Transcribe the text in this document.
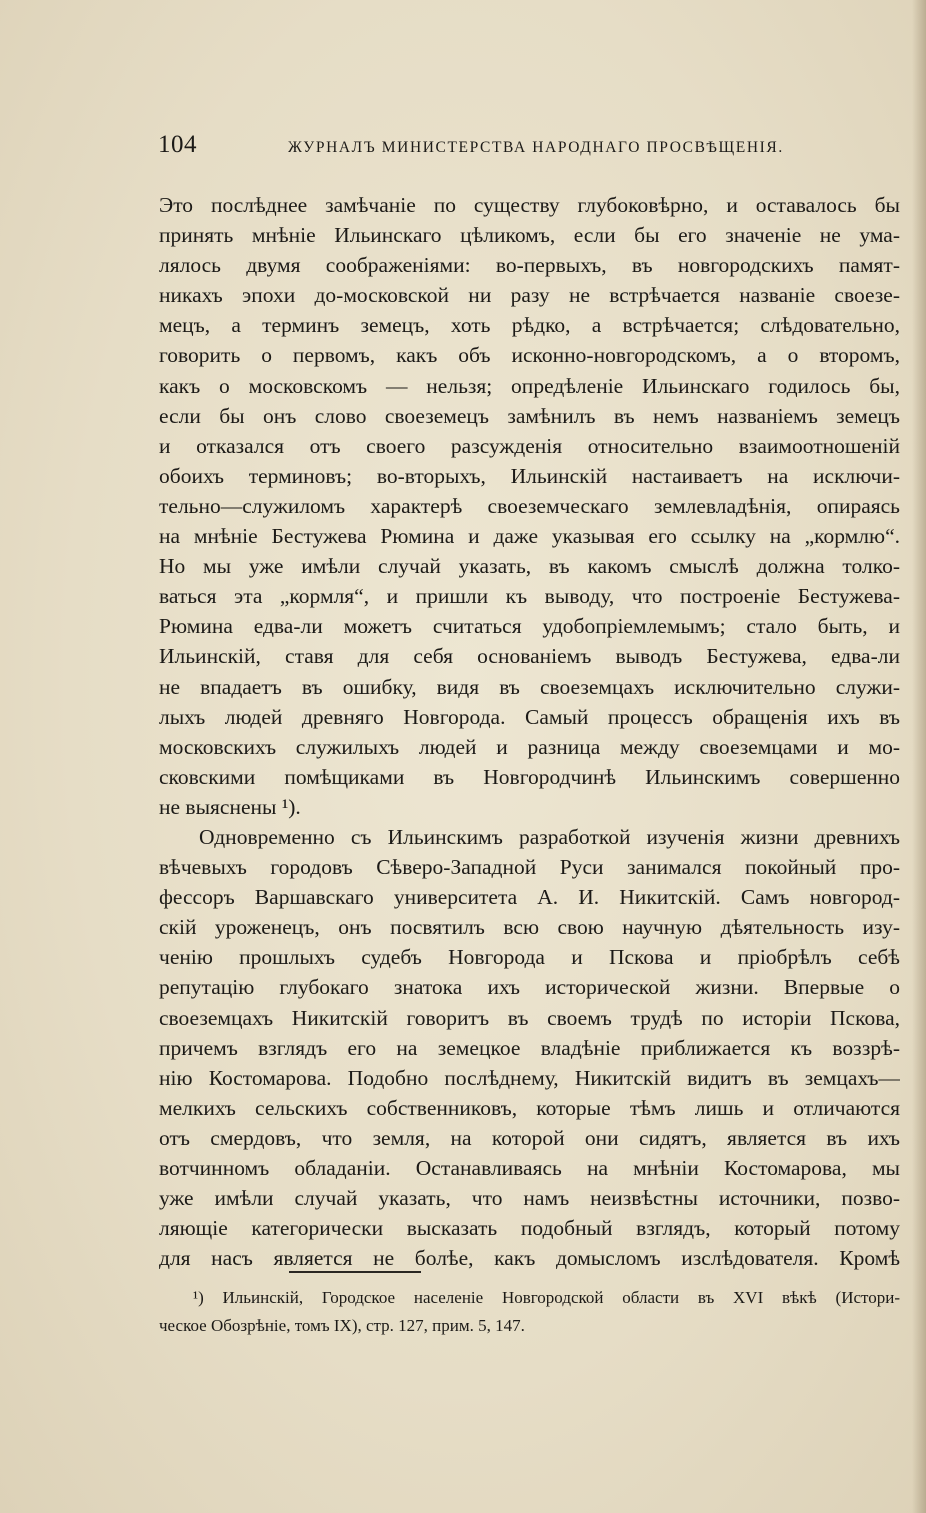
104	ЖУРНАЛЪ МИНИСТЕРСТВА НАРОДНАГО ПРОСВѢЩЕНІЯ.
Это послѣднее замѣчаніе по существу глубоковѣрно, и оставалось бы
принять мнѣніе Ильинскаго цѣликомъ, если бы его значеніе не ума-
лялось двумя соображеніями: во-первыхъ, въ новгородскихъ памят-
никахъ эпохи до-московской ни разу не встрѣчается названіе своезе-
мецъ, а терминъ земецъ, хоть рѣдко, а встрѣчается; слѣдовательно,
говорить о первомъ, какъ объ исконно-новгородскомъ, а о второмъ,
какъ о московскомъ — нельзя; опредѣленіе Ильинскаго годилось бы,
если бы онъ слово своеземецъ замѣнилъ въ немъ названіемъ земецъ
и отказался отъ своего разсужденія относительно взаимоотношеній
обоихъ терминовъ; во-вторыхъ, Ильинскій настаиваетъ на исключи-
тельно—служиломъ характерѣ своеземческаго землевладѣнія, опираясь
на мнѣніе Бестужева Рюмина и даже указывая его ссылку на „кормлю“.
Но мы уже имѣли случай указать, въ какомъ смыслѣ должна толко-
ваться эта „кормля“, и пришли къ выводу, что построеніе Бестужева-
Рюмина едва-ли можетъ считаться удобопріемлемымъ; стало быть, и
Ильинскій, ставя для себя основаніемъ выводъ Бестужева, едва-ли
не впадаетъ въ ошибку, видя въ своеземцахъ исключительно служи-
лыхъ людей древняго Новгорода. Самый процессъ обращенія ихъ въ
московскихъ служилыхъ людей и разница между своеземцами и мо-
сковскими помѣщиками въ Новгородчинѣ Ильинскимъ совершенно
не выяснены ¹).
Одновременно съ Ильинскимъ разработкой изученія жизни древнихъ
вѣчевыхъ городовъ Сѣверо-Западной Руси занимался покойный про-
фессоръ Варшавскаго университета А. И. Никитскій. Самъ новгород-
скій уроженецъ, онъ посвятилъ всю свою научную дѣятельность изу-
ченію прошлыхъ судебъ Новгорода и Пскова и пріобрѣлъ себѣ
репутацію глубокаго знатока ихъ исторической жизни. Впервые о
своеземцахъ Никитскій говоритъ въ своемъ трудѣ по исторіи Пскова,
причемъ взглядъ его на земецкое владѣніе приближается къ воззрѣ-
нію Костомарова. Подобно послѣднему, Никитскій видитъ въ земцахъ—
мелкихъ сельскихъ собственниковъ, которые тѣмъ лишь и отличаются
отъ смердовъ, что земля, на которой они сидятъ, является въ ихъ
вотчинномъ обладаніи. Останавливаясь на мнѣніи Костомарова, мы
уже имѣли случай указать, что намъ неизвѣстны источники, позво-
ляющіе категорически высказать подобный взглядъ, который потому
для насъ является не болѣе, какъ домысломъ изслѣдователя. Кромѣ
¹) Ильинскій, Городское населеніе Новгородской области въ XVI вѣкѣ (Истори-
ческое Обозрѣніе, томъ IX), стр. 127, прим. 5, 147.
